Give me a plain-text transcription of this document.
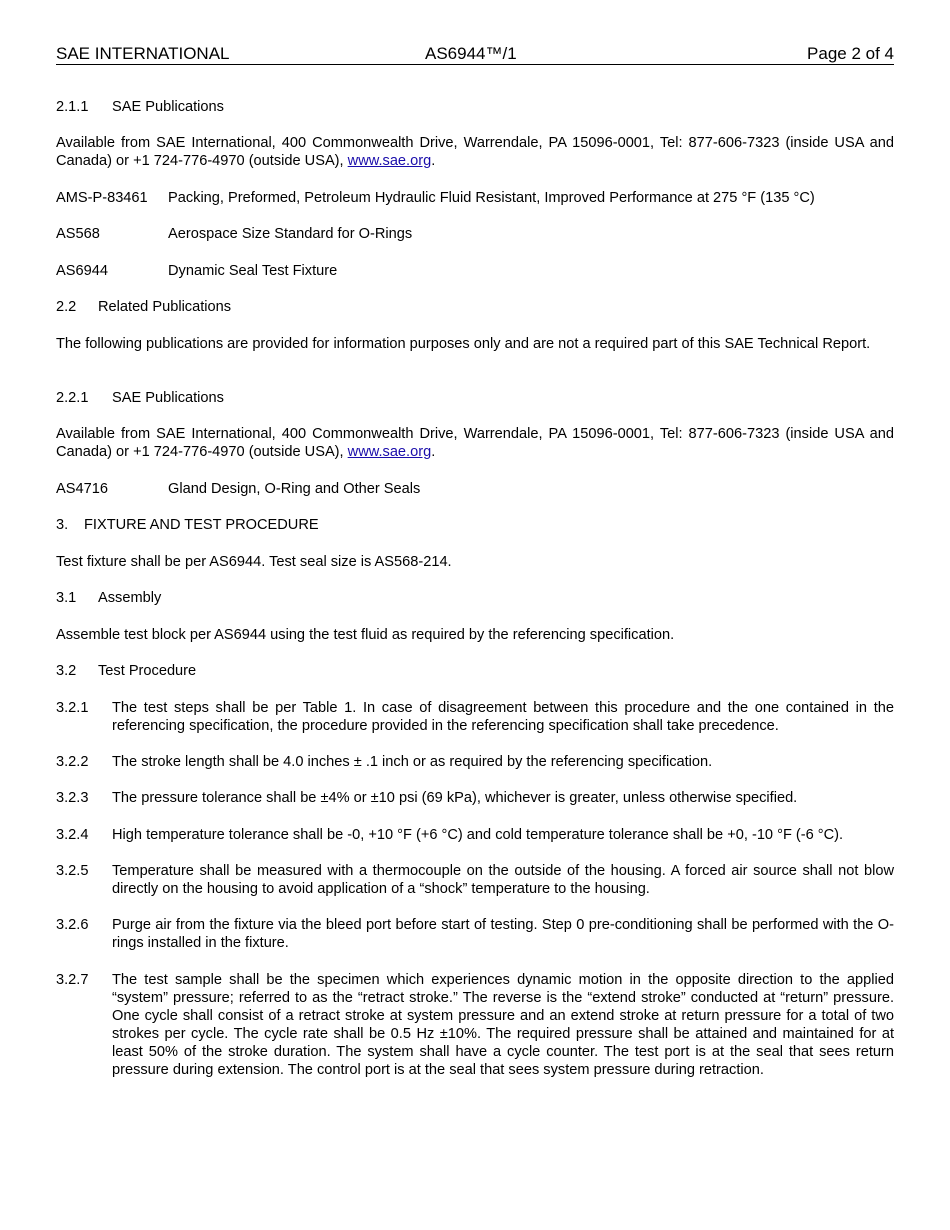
SAE INTERNATIONAL	AS6944™/1	Page 2 of 4
2.1.1 SAE Publications
Available from SAE International, 400 Commonwealth Drive, Warrendale, PA 15096-0001, Tel: 877-606-7323 (inside USA and Canada) or +1 724-776-4970 (outside USA), www.sae.org.
AMS-P-83461 Packing, Preformed, Petroleum Hydraulic Fluid Resistant, Improved Performance at 275 °F (135 °C)
AS568	Aerospace Size Standard for O-Rings
AS6944	Dynamic Seal Test Fixture
2.2 Related Publications
The following publications are provided for information purposes only and are not a required part of this SAE Technical Report.
2.2.1 SAE Publications
Available from SAE International, 400 Commonwealth Drive, Warrendale, PA 15096-0001, Tel: 877-606-7323 (inside USA and Canada) or +1 724-776-4970 (outside USA), www.sae.org.
AS4716	Gland Design, O-Ring and Other Seals
3. FIXTURE AND TEST PROCEDURE
Test fixture shall be per AS6944. Test seal size is AS568-214.
3.1 Assembly
Assemble test block per AS6944 using the test fluid as required by the referencing specification.
3.2 Test Procedure
3.2.1 The test steps shall be per Table 1. In case of disagreement between this procedure and the one contained in the referencing specification, the procedure provided in the referencing specification shall take precedence.
3.2.2 The stroke length shall be 4.0 inches ± .1 inch or as required by the referencing specification.
3.2.3 The pressure tolerance shall be ±4% or ±10 psi (69 kPa), whichever is greater, unless otherwise specified.
3.2.4 High temperature tolerance shall be -0, +10 °F (+6 °C) and cold temperature tolerance shall be +0, -10 °F (-6 °C).
3.2.5 Temperature shall be measured with a thermocouple on the outside of the housing. A forced air source shall not blow directly on the housing to avoid application of a “shock” temperature to the housing.
3.2.6 Purge air from the fixture via the bleed port before start of testing. Step 0 pre-conditioning shall be performed with the O-rings installed in the fixture.
3.2.7 The test sample shall be the specimen which experiences dynamic motion in the opposite direction to the applied “system” pressure; referred to as the “retract stroke.” The reverse is the “extend stroke” conducted at “return” pressure. One cycle shall consist of a retract stroke at system pressure and an extend stroke at return pressure for a total of two strokes per cycle. The cycle rate shall be 0.5 Hz ±10%. The required pressure shall be attained and maintained for at least 50% of the stroke duration. The system shall have a cycle counter. The test port is at the seal that sees return pressure during extension. The control port is at the seal that sees system pressure during retraction.
